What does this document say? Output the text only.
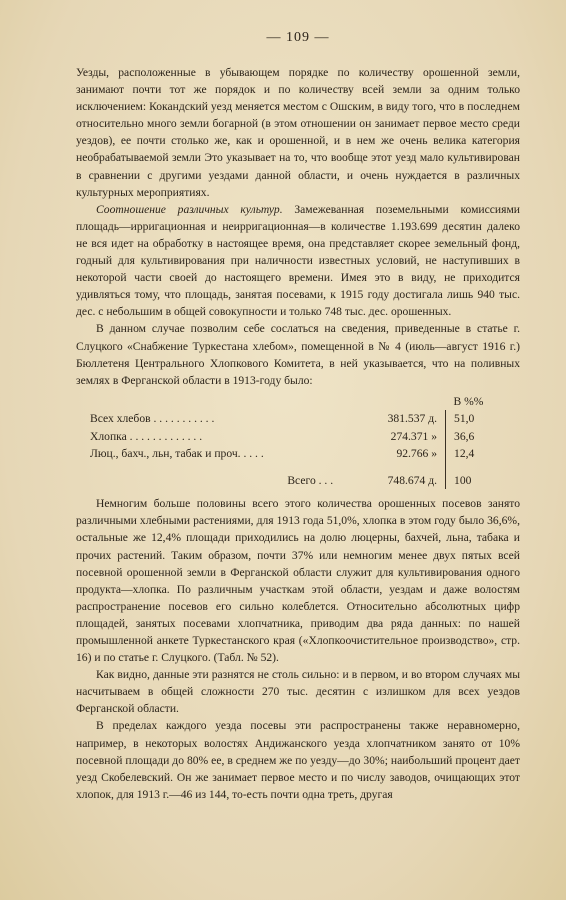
— 109 —

Уезды, расположенные в убывающем порядке по количеству орошенной земли, занимают почти тот же порядок и по количеству всей земли за одним только исключением: Кокандский уезд меняется местом с Ошским, в виду того, что в последнем относительно много земли богарной (в этом отношении он занимает первое место среди уездов), ее почти столько же, как и орошенной, и в нем же очень велика категория необрабатываемой земли Это указывает на то, что вообще этот уезд мало культивирован в сравнении с другими уездами данной области, и очень нуждается в различных культурных мероприятиях.

Соотношение различных культур. Замежеванная поземельными комиссиями площадь—ирригационная и неирригационная—в количестве 1.193.699 десятин далеко не вся идет на обработку в настоящее время, она представляет скорее земельный фонд, годный для культивирования при наличности известных условий, не наступивших в некоторой части своей до настоящего времени. Имея это в виду, не приходится удивляться тому, что площадь, занятая посевами, к 1915 году достигала лишь 940 тыс. дес. с небольшим в общей совокупности и только 748 тыс. дес. орошенных.

В данном случае позволим себе сослаться на сведения, приведенные в статье г. Слуцкого «Снабжение Туркестана хлебом», помещенной в № 4 (июль—август 1916 г.) Бюллетеня Центрального Хлопкового Комитета, в ней указывается, что на поливных землях в Ферганской области в 1913-году было:

		В %%
Всех хлебов . . . . . . . . . . .	381.537 д.	51,0
Хлопка . . . . . . . . . . . . .	274.371 »	36,6
Люц., бахч., льн, табак и проч. . . . .	92.766 »	12,4

Всего . . .	748.674 д.	100

Немногим больше половины всего этого количества орошенных посевов занято различными хлебными растениями, для 1913 года 51,0%, хлопка в этом году было 36,6%, остальные же 12,4% площади приходились на долю люцерны, бахчей, льна, табака и прочих растений. Таким образом, почти 37% или немногим менее двух пятых всей посевной орошенной земли в Ферганской области служит для культивирования одного продукта—хлопка. По различным участкам этой области, уездам и даже волостям распространение посевов его сильно колеблется. Относительно абсолютных цифр площадей, занятых посевами хлопчатника, приводим два ряда данных: по нашей промышленной анкете Туркестанского края («Хлопкоочистительное производство», стр. 16) и по статье г. Слуцкого. (Табл. № 52).

Как видно, данные эти разнятся не столь сильно: и в первом, и во втором случаях мы насчитываем в общей сложности 270 тыс. десятин с излишком для всех уездов Ферганской области.

В пределах каждого уезда посевы эти распространены также неравномерно, например, в некоторых волостях Андижанского уезда хлопчатником занято от 10% посевной площади до 80% ее, в среднем же по уезду—до 30%; наибольший процент дает уезд Скобелевский. Он же занимает первое место и по числу заводов, очищающих этот хлопок, для 1913 г.—46 из 144, то-есть почти одна треть, другая
